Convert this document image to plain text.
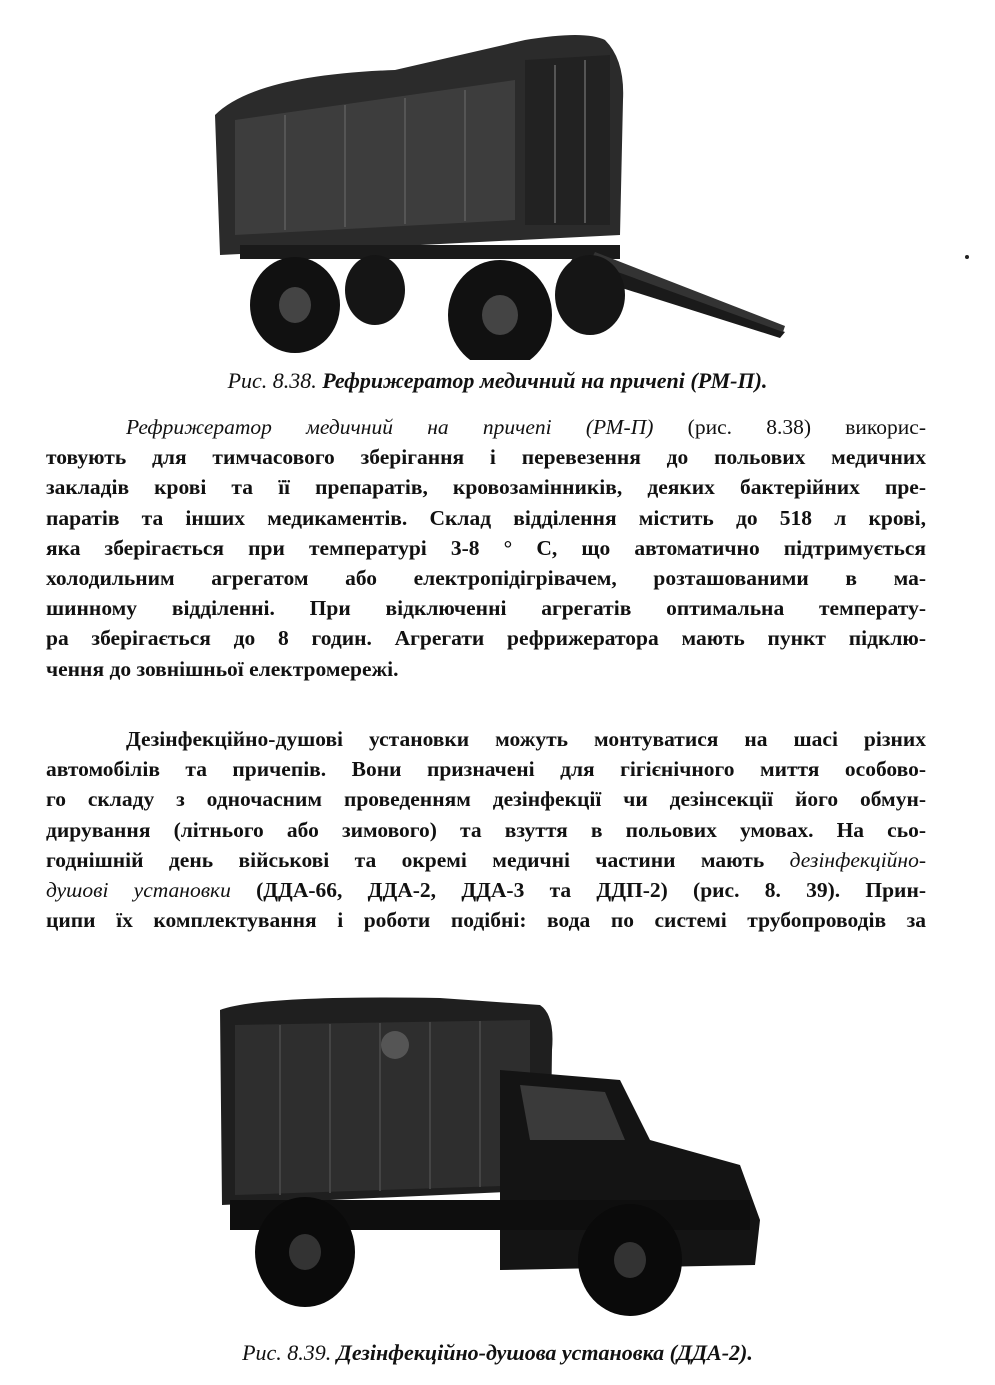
Рис. 8.38. Рефрижератор медичний на причепі (РМ-П).
Рефрижератор медичний на причепі (РМ-П) (рис. 8.38) викорис-
товують для тимчасового зберігання і перевезення до польових медичних
закладів крові та її препаратів, кровозамінників, деяких бактерійних пре-
паратів та інших медикаментів. Склад відділення містить до 518 л крові,
яка зберігається при температурі 3-8 ° С, що автоматично підтримується
холодильним агрегатом або електропідігрівачем, розташованими в ма-
шинному відділенні. При відключенні агрегатів оптимальна температу-
ра зберігається до 8 годин. Агрегати рефрижератора мають пункт підклю-
чення до зовнішньої електромережі.
Дезінфекційно-душові установки можуть монтуватися на шасі різних
автомобілів та причепів. Вони призначені для гігієнічного миття особово-
го складу з одночасним проведенням дезінфекції чи дезінсекції його обмун-
дирування (літнього або зимового) та взуття в польових умовах. На сьо-
годнішній день військові та окремі медичні частини мають дезінфекційно-
душові установки (ДДА-66, ДДА-2, ДДА-3 та ДДП-2) (рис. 8. 39). Прин-
ципи їх комплектування і роботи подібні: вода по системі трубопроводів за
Рис. 8.39. Дезінфекційно-душова установка (ДДА-2).
